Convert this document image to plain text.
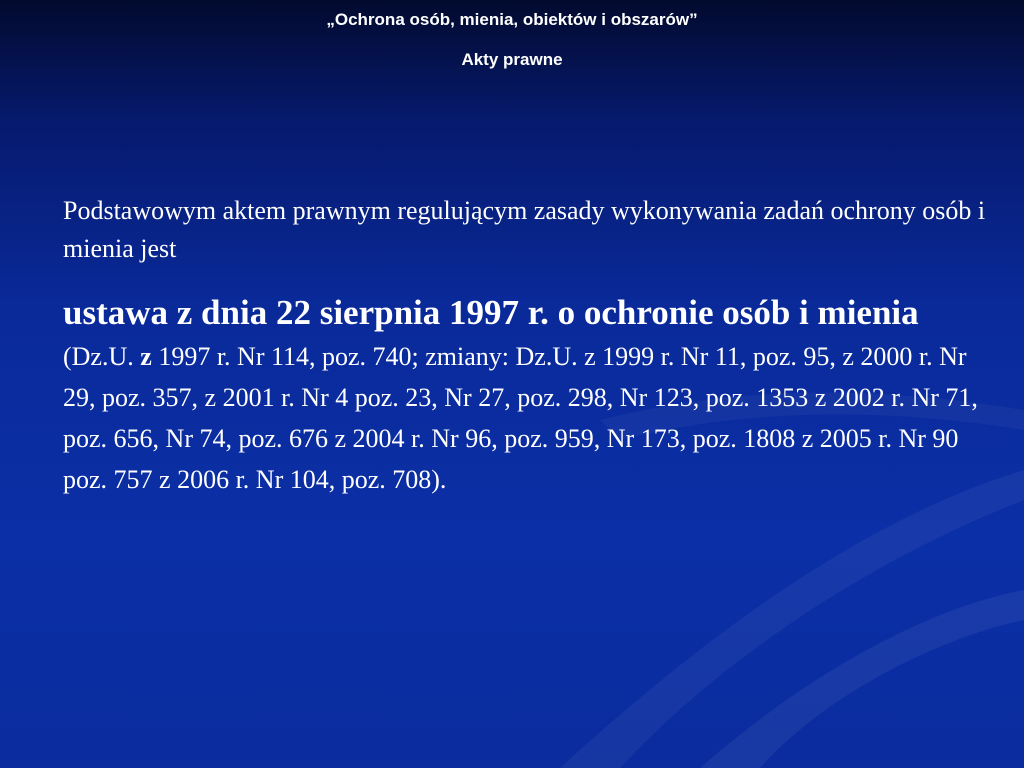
„Ochrona osób, mienia, obiektów i obszarów”
Akty prawne

Podstawowym aktem prawnym regulującym zasady wykonywania zadań ochrony osób i mienia jest

ustawa z dnia 22 sierpnia 1997 r. o ochronie osób i mienia (Dz.U. z 1997 r. Nr 114, poz. 740; zmiany: Dz.U. z 1999 r. Nr 11, poz. 95, z 2000 r. Nr 29, poz. 357, z 2001 r. Nr 4 poz. 23, Nr 27, poz. 298, Nr 123, poz. 1353 z 2002 r. Nr 71, poz. 656, Nr 74, poz. 676 z 2004 r. Nr 96, poz. 959, Nr 173, poz. 1808 z 2005 r. Nr 90 poz. 757 z 2006 r. Nr 104, poz. 708).
